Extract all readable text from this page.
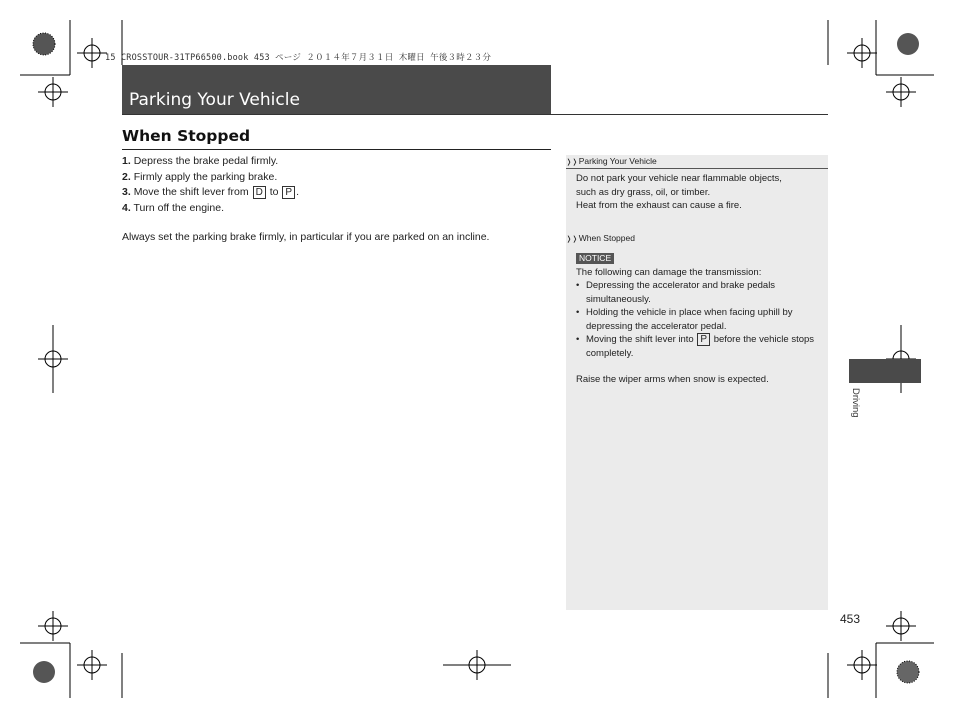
15 CROSSTOUR-31TP66500.book 453 ページ ２０１４年７月３１日 木曜日 午後３時２３分
Parking Your Vehicle
When Stopped
1. Depress the brake pedal firmly.
2. Firmly apply the parking brake.
3. Move the shift lever from D to P .
4. Turn off the engine.
Always set the parking brake firmly, in particular if you are parked on an incline.
❭❭Parking Your Vehicle

Do not park your vehicle near flammable objects,

such as dry grass, oil, or timber.

Heat from the exhaust can cause a fire.

❭❭When Stopped

NOTICE

The following can damage the transmission:

• Depressing the accelerator and brake pedals simultaneously.
• Holding the vehicle in place when facing uphill by depressing the accelerator pedal.
• Moving the shift lever into P before the vehicle stops completely.

Raise the wiper arms when snow is expected.

Driving
453
